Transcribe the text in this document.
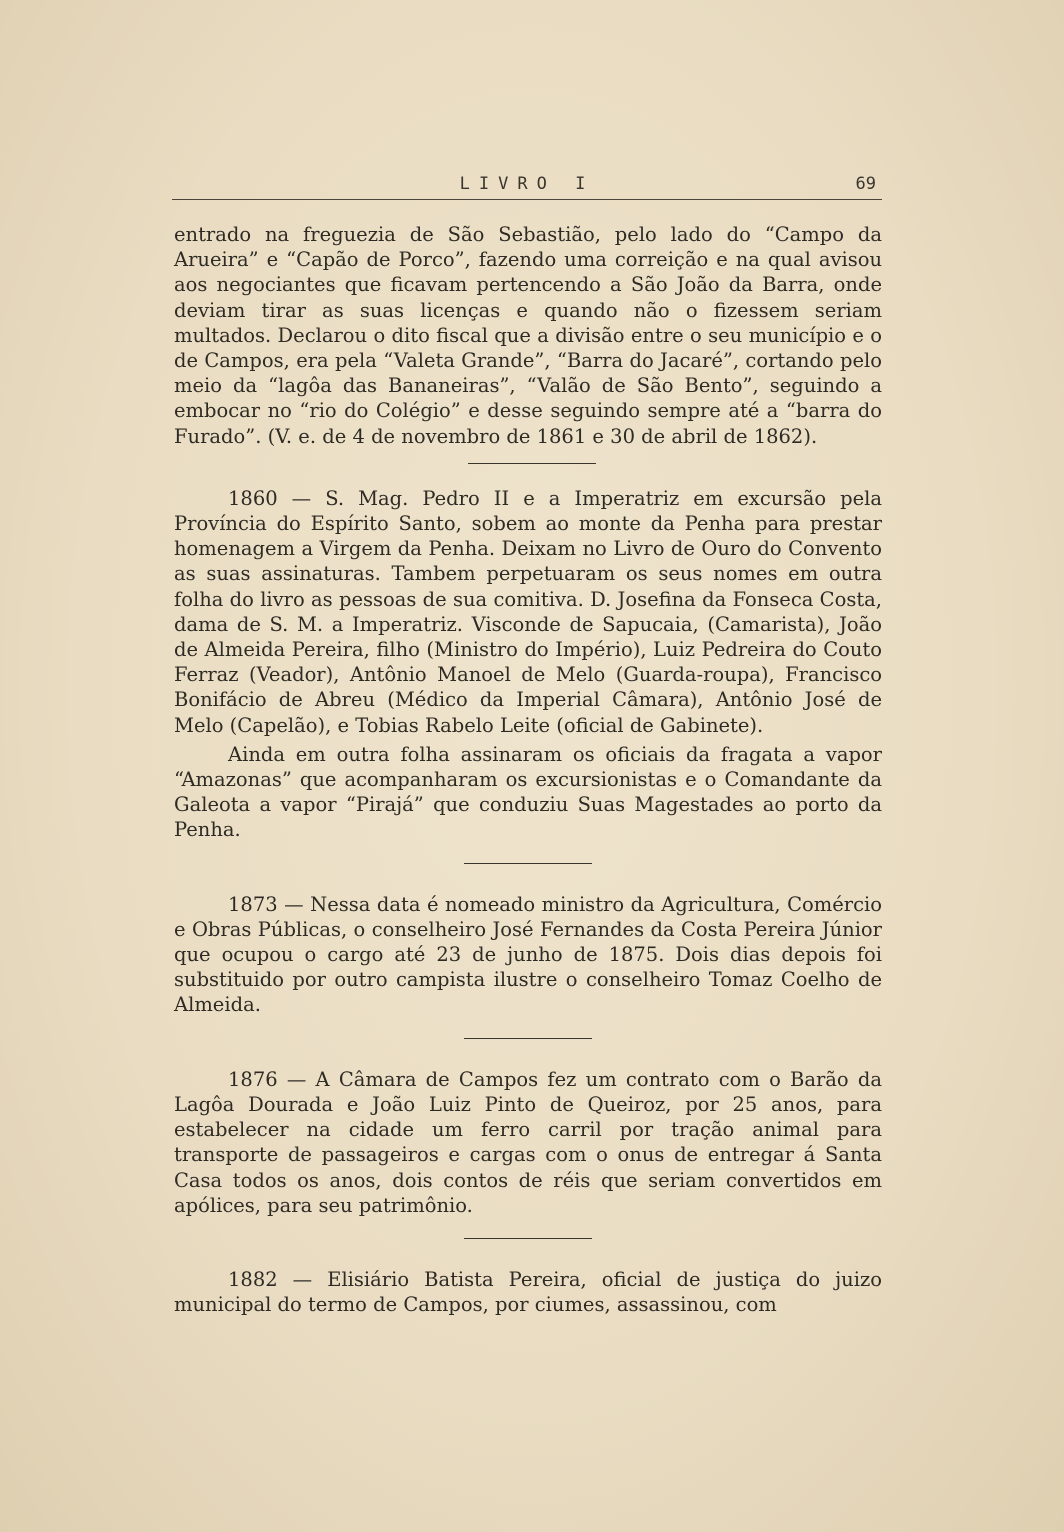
LIVRO I	69

entrado na freguezia de São Sebastião, pelo lado do “Campo da Arueira” e “Capão de Porco”, fazendo uma correição e na qual avisou aos negociantes que ficavam pertencendo a São João da Barra, onde deviam tirar as suas licenças e quando não o fizessem seriam multados. Declarou o dito fiscal que a divisão entre o seu município e o de Campos, era pela “Valeta Grande”, “Barra do Jacaré”, cortando pelo meio da “lagôa das Bananeiras”, “Valão de São Bento”, seguindo a embocar no “rio do Colégio” e desse seguindo sempre até a “barra do Furado”. (V. e. de 4 de novembro de 1861 e 30 de abril de 1862).

1860 — S. Mag. Pedro II e a Imperatriz em excursão pela Província do Espírito Santo, sobem ao monte da Penha para prestar homenagem a Virgem da Penha. Deixam no Livro de Ouro do Convento as suas assinaturas. Tambem perpetuaram os seus nomes em outra folha do livro as pessoas de sua comitiva. D. Josefina da Fonseca Costa, dama de S. M. a Imperatriz. Visconde de Sapucaia, (Camarista), João de Almeida Pereira, filho (Ministro do Império), Luiz Pedreira do Couto Ferraz (Veador), Antônio Manoel de Melo (Guarda-roupa), Francisco Bonifácio de Abreu (Médico da Imperial Câmara), Antônio José de Melo (Capelão), e Tobias Rabelo Leite (oficial de Gabinete).

Ainda em outra folha assinaram os oficiais da fragata a vapor “Amazonas” que acompanharam os excursionistas e o Comandante da Galeota a vapor “Pirajá” que conduziu Suas Magestades ao porto da Penha.

1873 — Nessa data é nomeado ministro da Agricultura, Comércio e Obras Públicas, o conselheiro José Fernandes da Costa Pereira Júnior que ocupou o cargo até 23 de junho de 1875. Dois dias depois foi substituido por outro campista ilustre o conselheiro Tomaz Coelho de Almeida.

1876 — A Câmara de Campos fez um contrato com o Barão da Lagôa Dourada e João Luiz Pinto de Queiroz, por 25 anos, para estabelecer na cidade um ferro carril por tração animal para transporte de passageiros e cargas com o onus de entregar á Santa Casa todos os anos, dois contos de réis que seriam convertidos em apólices, para seu patrimônio.

1882 — Elisiário Batista Pereira, oficial de justiça do juizo municipal do termo de Campos, por ciumes, assassinou, com
